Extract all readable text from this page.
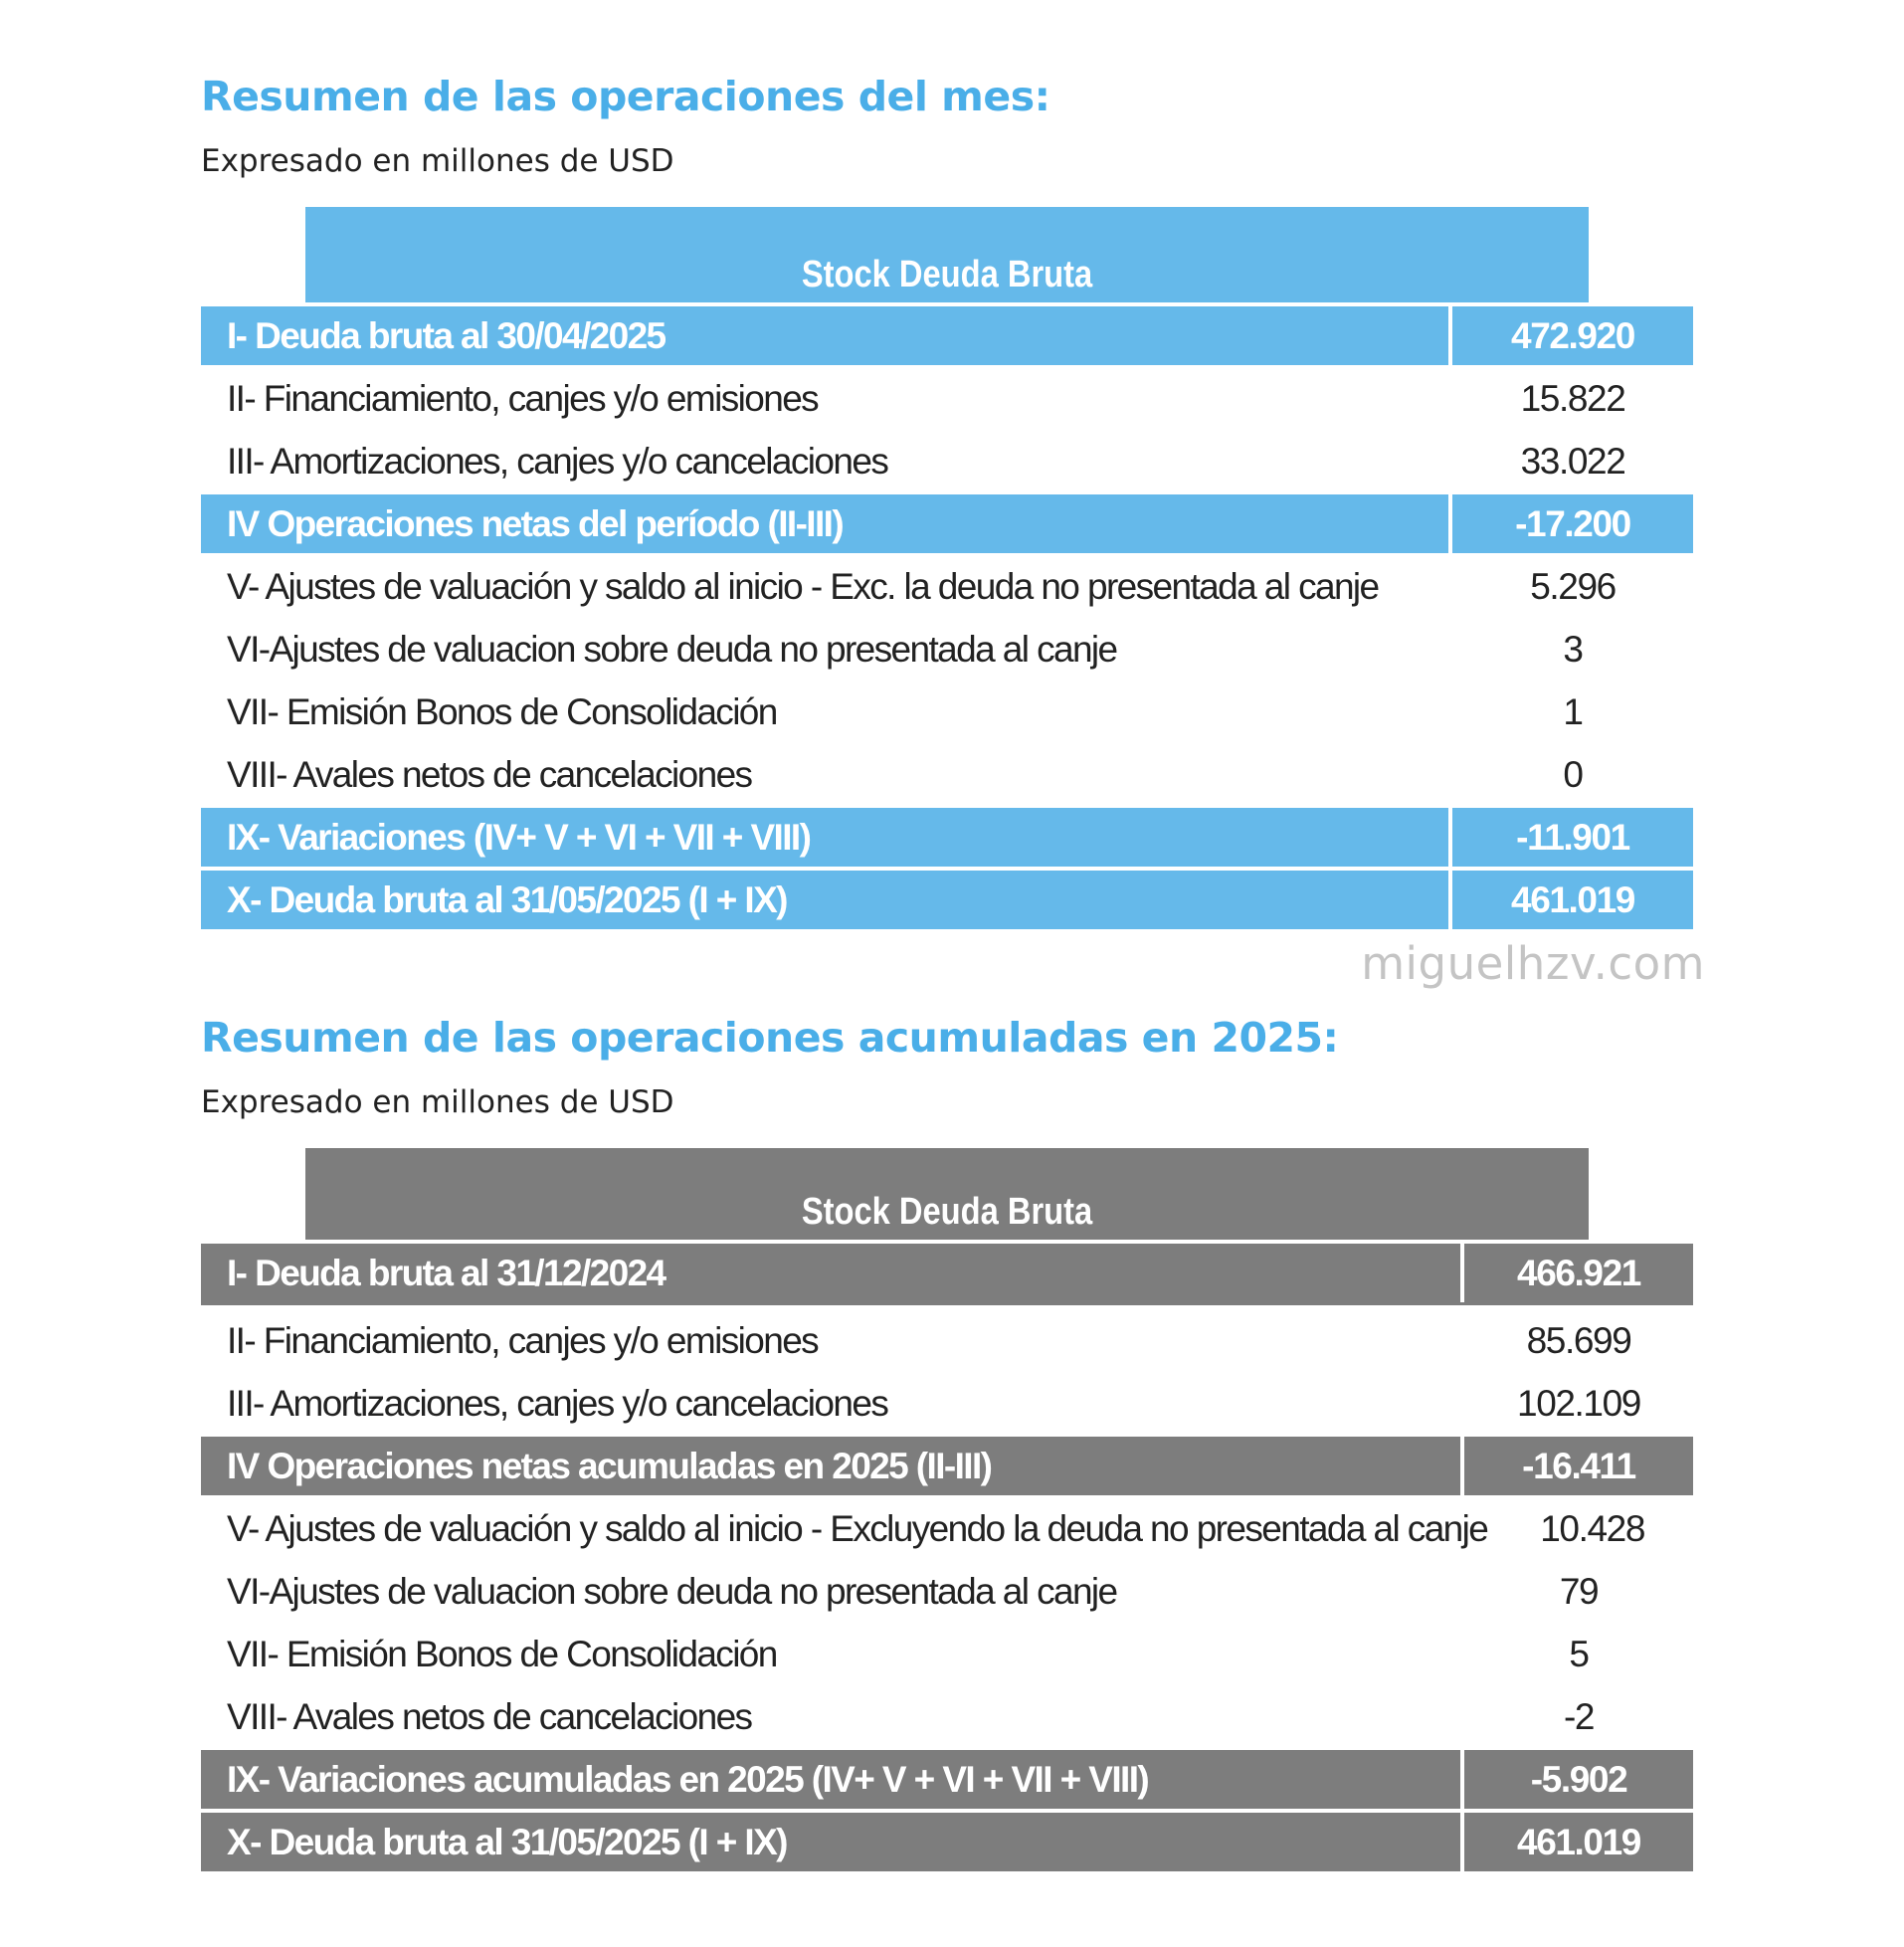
Resumen de las operaciones del mes:
Expresado en millones de USD
Stock Deuda Bruta
I- Deuda bruta al 30/04/2025	472.920
II- Financiamiento, canjes y/o emisiones	15.822
III- Amortizaciones, canjes y/o cancelaciones	33.022
IV Operaciones netas del período (II-III)	-17.200
V- Ajustes de valuación y saldo al inicio - Exc. la deuda no presentada al canje	5.296
VI-Ajustes de valuacion sobre deuda no presentada al canje	3
VII- Emisión Bonos de Consolidación	1
VIII- Avales netos de cancelaciones	0
IX- Variaciones (IV+ V + VI + VII + VIII)	-11.901
X- Deuda bruta al 31/05/2025 (I + IX)	461.019
miguelhzv.com
Resumen de las operaciones acumuladas en 2025:
Expresado en millones de USD
Stock Deuda Bruta
I- Deuda bruta al 31/12/2024	466.921
II- Financiamiento, canjes y/o emisiones	85.699
III- Amortizaciones, canjes y/o cancelaciones	102.109
IV Operaciones netas acumuladas en 2025 (II-III)	-16.411
V- Ajustes de valuación y saldo al inicio - Excluyendo la deuda no presentada al canje	10.428
VI-Ajustes de valuacion sobre deuda no presentada al canje	79
VII- Emisión Bonos de Consolidación	5
VIII- Avales netos de cancelaciones	-2
IX- Variaciones acumuladas en 2025 (IV+ V + VI + VII + VIII)	-5.902
X- Deuda bruta al 31/05/2025 (I + IX)	461.019
